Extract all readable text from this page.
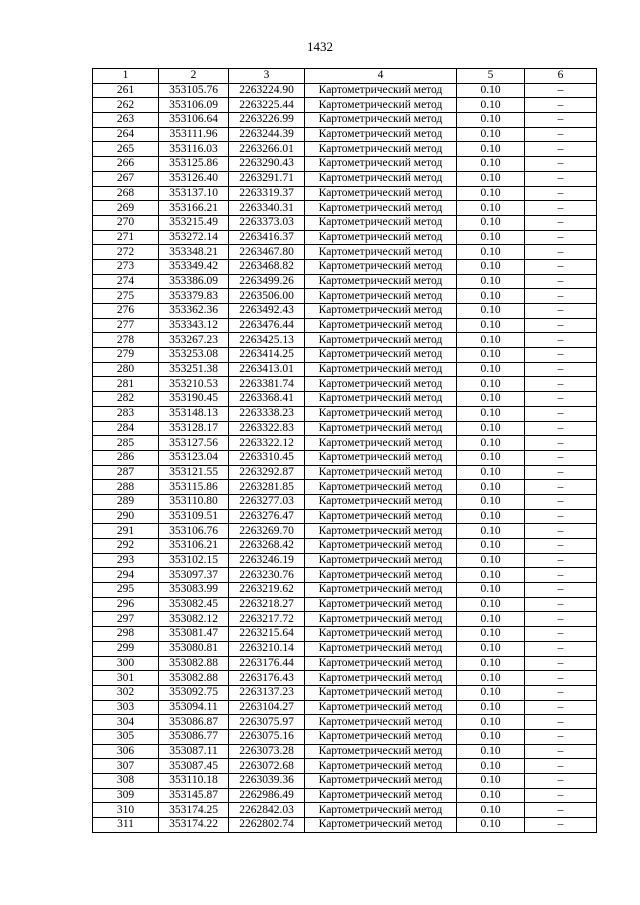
1432
1	2	3	4	5	6
261	353105.76	2263224.90	Картометрический метод	0.10	–
262	353106.09	2263225.44	Картометрический метод	0.10	–
263	353106.64	2263226.99	Картометрический метод	0.10	–
264	353111.96	2263244.39	Картометрический метод	0.10	–
265	353116.03	2263266.01	Картометрический метод	0.10	–
266	353125.86	2263290.43	Картометрический метод	0.10	–
267	353126.40	2263291.71	Картометрический метод	0.10	–
268	353137.10	2263319.37	Картометрический метод	0.10	–
269	353166.21	2263340.31	Картометрический метод	0.10	–
270	353215.49	2263373.03	Картометрический метод	0.10	–
271	353272.14	2263416.37	Картометрический метод	0.10	–
272	353348.21	2263467.80	Картометрический метод	0.10	–
273	353349.42	2263468.82	Картометрический метод	0.10	–
274	353386.09	2263499.26	Картометрический метод	0.10	–
275	353379.83	2263506.00	Картометрический метод	0.10	–
276	353362.36	2263492.43	Картометрический метод	0.10	–
277	353343.12	2263476.44	Картометрический метод	0.10	–
278	353267.23	2263425.13	Картометрический метод	0.10	–
279	353253.08	2263414.25	Картометрический метод	0.10	–
280	353251.38	2263413.01	Картометрический метод	0.10	–
281	353210.53	2263381.74	Картометрический метод	0.10	–
282	353190.45	2263368.41	Картометрический метод	0.10	–
283	353148.13	2263338.23	Картометрический метод	0.10	–
284	353128.17	2263322.83	Картометрический метод	0.10	–
285	353127.56	2263322.12	Картометрический метод	0.10	–
286	353123.04	2263310.45	Картометрический метод	0.10	–
287	353121.55	2263292.87	Картометрический метод	0.10	–
288	353115.86	2263281.85	Картометрический метод	0.10	–
289	353110.80	2263277.03	Картометрический метод	0.10	–
290	353109.51	2263276.47	Картометрический метод	0.10	–
291	353106.76	2263269.70	Картометрический метод	0.10	–
292	353106.21	2263268.42	Картометрический метод	0.10	–
293	353102.15	2263246.19	Картометрический метод	0.10	–
294	353097.37	2263230.76	Картометрический метод	0.10	–
295	353083.99	2263219.62	Картометрический метод	0.10	–
296	353082.45	2263218.27	Картометрический метод	0.10	–
297	353082.12	2263217.72	Картометрический метод	0.10	–
298	353081.47	2263215.64	Картометрический метод	0.10	–
299	353080.81	2263210.14	Картометрический метод	0.10	–
300	353082.88	2263176.44	Картометрический метод	0.10	–
301	353082.88	2263176.43	Картометрический метод	0.10	–
302	353092.75	2263137.23	Картометрический метод	0.10	–
303	353094.11	2263104.27	Картометрический метод	0.10	–
304	353086.87	2263075.97	Картометрический метод	0.10	–
305	353086.77	2263075.16	Картометрический метод	0.10	–
306	353087.11	2263073.28	Картометрический метод	0.10	–
307	353087.45	2263072.68	Картометрический метод	0.10	–
308	353110.18	2263039.36	Картометрический метод	0.10	–
309	353145.87	2262986.49	Картометрический метод	0.10	–
310	353174.25	2262842.03	Картометрический метод	0.10	–
311	353174.22	2262802.74	Картометрический метод	0.10	–
